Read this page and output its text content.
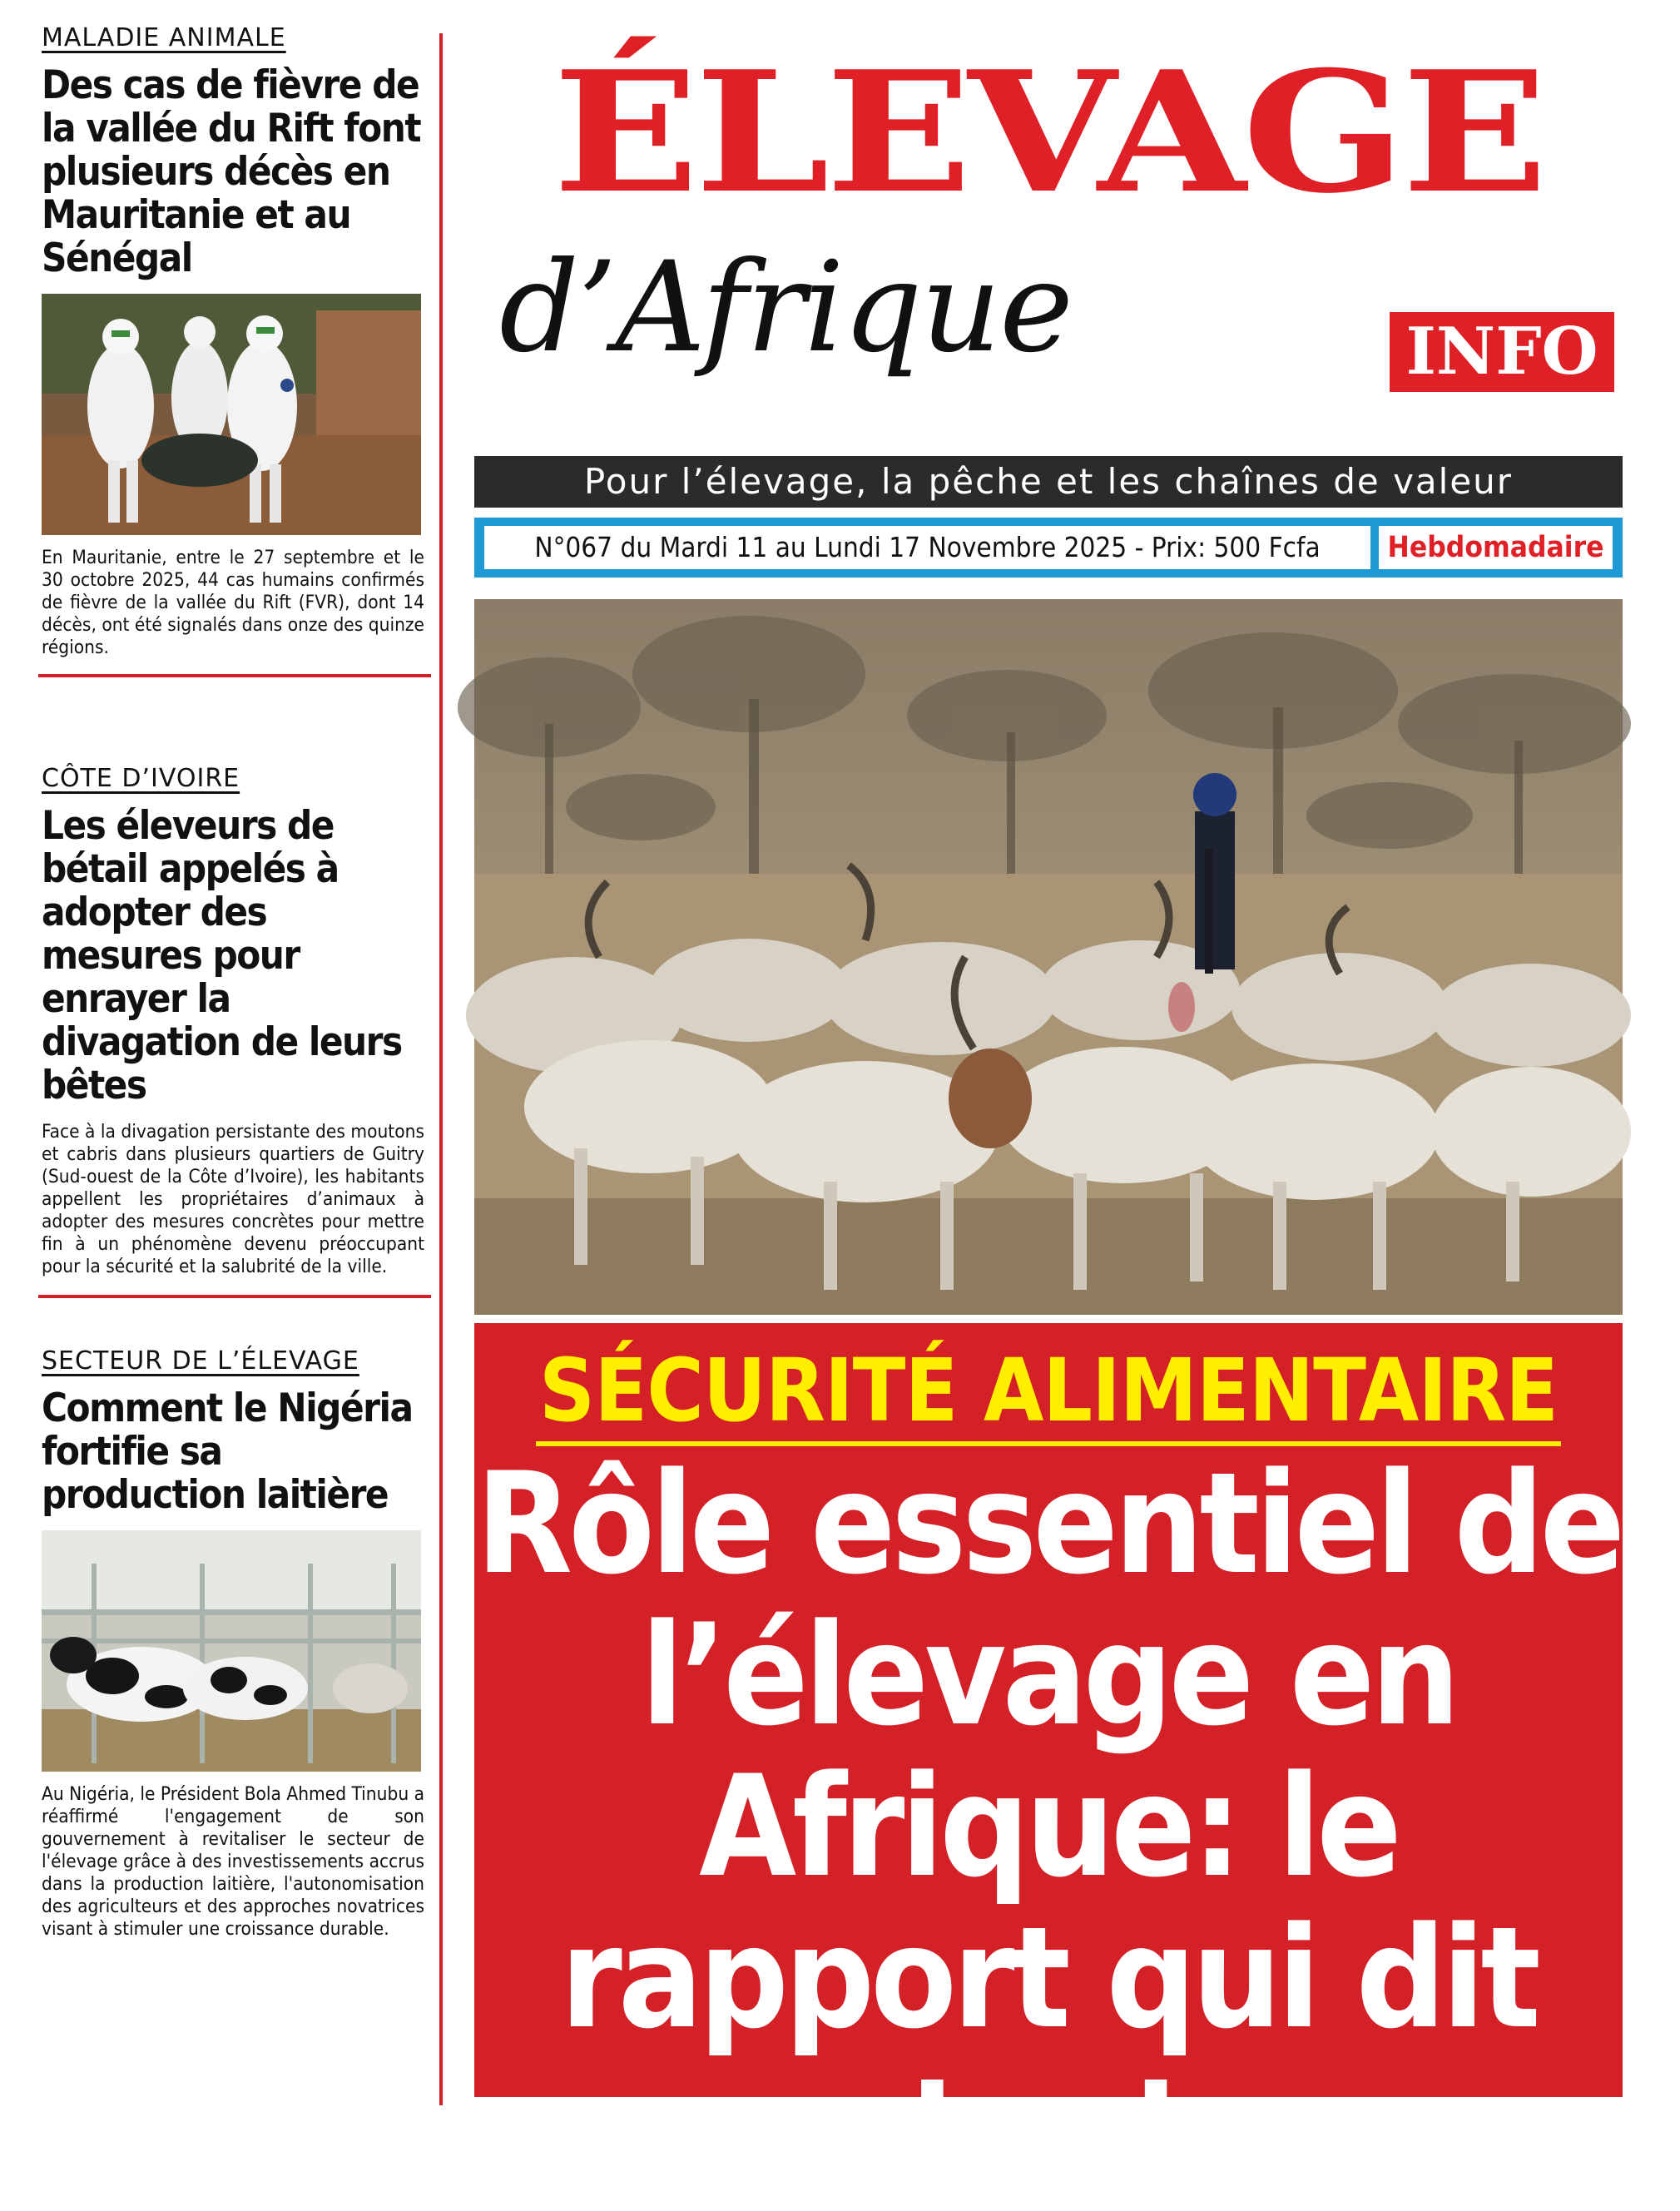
MALADIE ANIMALE
Des cas de fièvre de la vallée du Rift font plusieurs décès en Mauritanie et au Sénégal
En Mauritanie, entre le 27 septembre et le 30 octobre 2025, 44 cas humains confirmés de fièvre de la vallée du Rift (FVR), dont 14 décès, ont été signalés dans onze des quinze régions.
CÔTE D’IVOIRE
Les éleveurs de bétail appelés à adopter des mesures pour enrayer la divagation de leurs bêtes
Face à la divagation persistante des moutons et cabris dans plusieurs quartiers de Guitry (Sud-ouest de la Côte d’Ivoire), les habitants appellent les propriétaires d’animaux à adopter des mesures concrètes pour mettre fin à un phénomène devenu préoccupant pour la sécurité et la salubrité de la ville.
SECTEUR DE L’ÉLEVAGE
Comment le Nigéria fortifie sa production laitière
Au Nigéria, le Président Bola Ahmed Tinubu a réaffirmé l'engagement de son gouvernement à revitaliser le secteur de l'élevage grâce à des investissements accrus dans la production laitière, l'autonomisation des agriculteurs et des approches novatrices visant à stimuler une croissance durable.
ÉLEVAGE
d’Afrique	INFO
Pour l’élevage, la pêche et les chaînes de valeur
N°067 du Mardi 11 au Lundi 17 Novembre 2025 - Prix: 500 Fcfa	Hebdomadaire
SÉCURITÉ ALIMENTAIRE
Rôle essentiel de l’élevage en Afrique: le rapport qui dit tout
